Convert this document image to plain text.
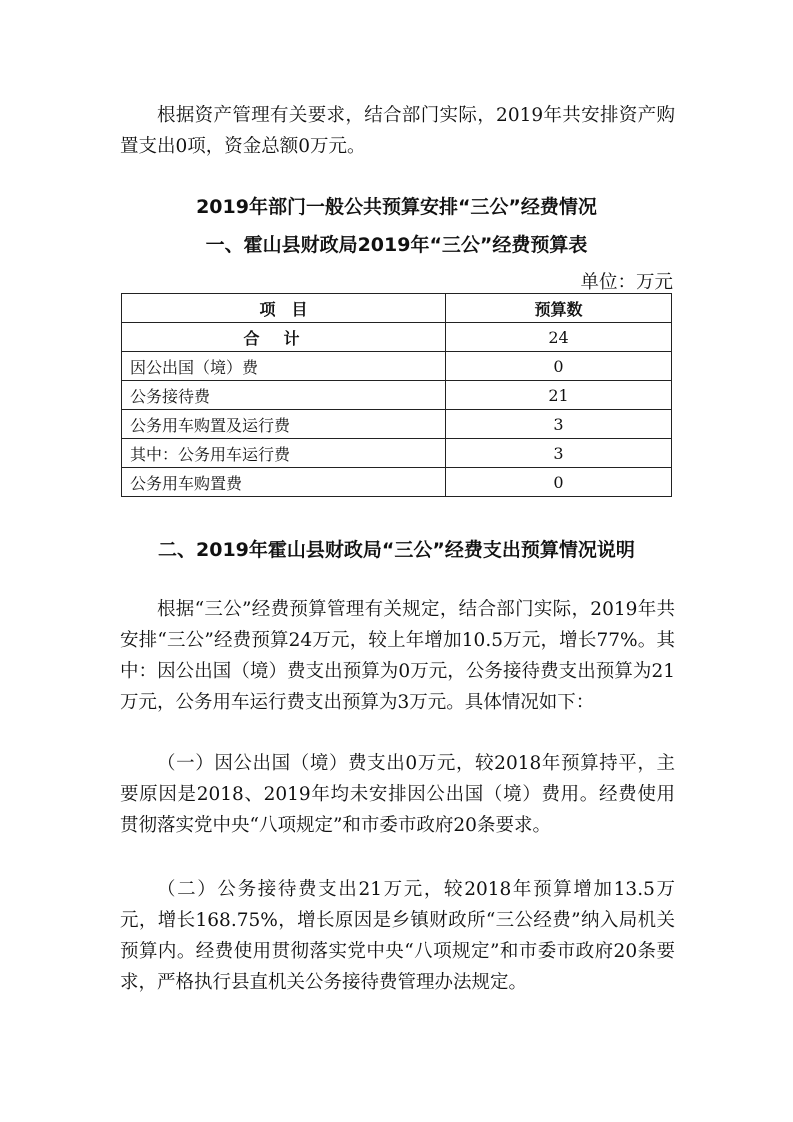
根据资产管理有关要求，结合部门实际，2019年共安排资产购置支出0项，资金总额0万元。

2019年部门一般公共预算安排“三公”经费情况

一、霍山县财政局2019年“三公”经费预算表

单位：万元

项　目	预算数
合计	24
因公出国（境）费	0
公务接待费	21
公务用车购置及运行费	3
其中：公务用车运行费	3
公务用车购置费	0

二、2019年霍山县财政局“三公”经费支出预算情况说明

根据“三公”经费预算管理有关规定，结合部门实际，2019年共安排“三公”经费预算24万元，较上年增加10.5万元，增长77%。其中：因公出国（境）费支出预算为0万元，公务接待费支出预算为21万元，公务用车运行费支出预算为3万元。具体情况如下：

（一）因公出国（境）费支出0万元，较2018年预算持平，主要原因是2018、2019年均未安排因公出国（境）费用。经费使用贯彻落实党中央“八项规定”和市委市政府20条要求。

（二）公务接待费支出21万元，较2018年预算增加13.5万元，增长168.75%，增长原因是乡镇财政所“三公经费”纳入局机关预算内。经费使用贯彻落实党中央“八项规定”和市委市政府20条要求，严格执行县直机关公务接待费管理办法规定。
